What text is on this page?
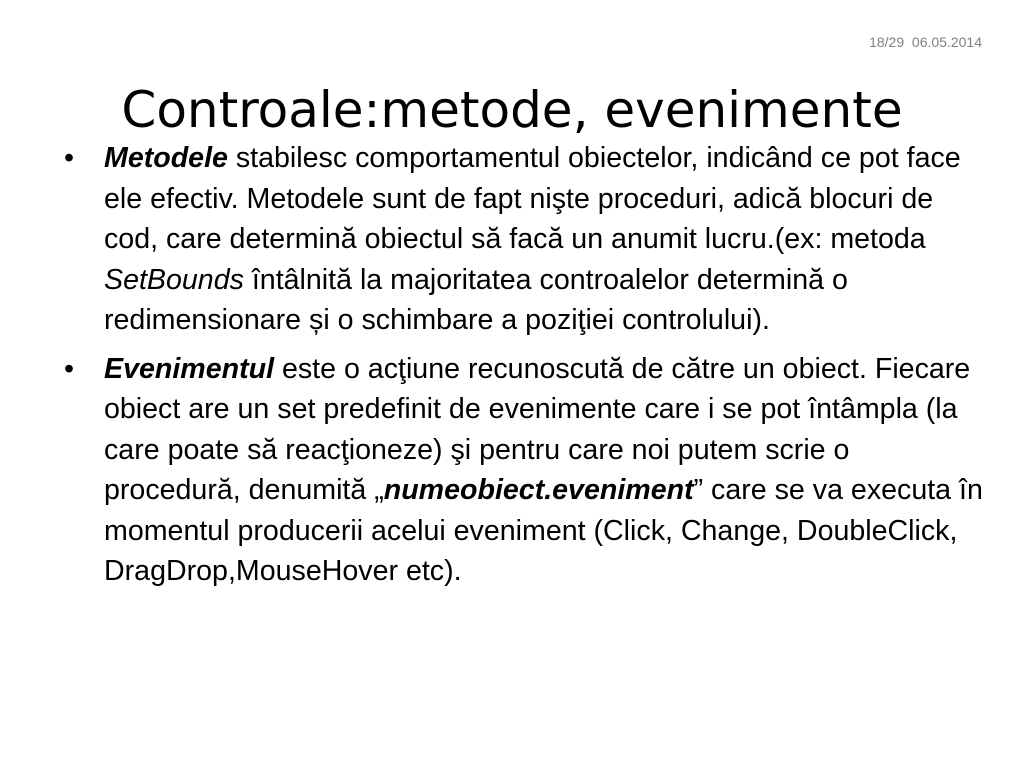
18/29 06.05.2014
Controale:metode, evenimente
• Metodele stabilesc comportamentul obiectelor, indicând ce pot face ele efectiv. Metodele sunt de fapt nişte proceduri, adică blocuri de cod, care determină obiectul să facă un anumit lucru.(ex: metoda SetBounds întâlnită la majoritatea controalelor determină o redimensionare și o schimbare a poziţiei controlului).
• Evenimentul este o acţiune recunoscută de către un obiect. Fiecare obiect are un set predefinit de evenimente care i se pot întâmpla (la care poate să reacţioneze) şi pentru care noi putem scrie o procedură, denumită „numeobiect.eveniment” care se va executa în momentul producerii acelui eveniment (Click, Change, DoubleClick, DragDrop,MouseHover etc).
